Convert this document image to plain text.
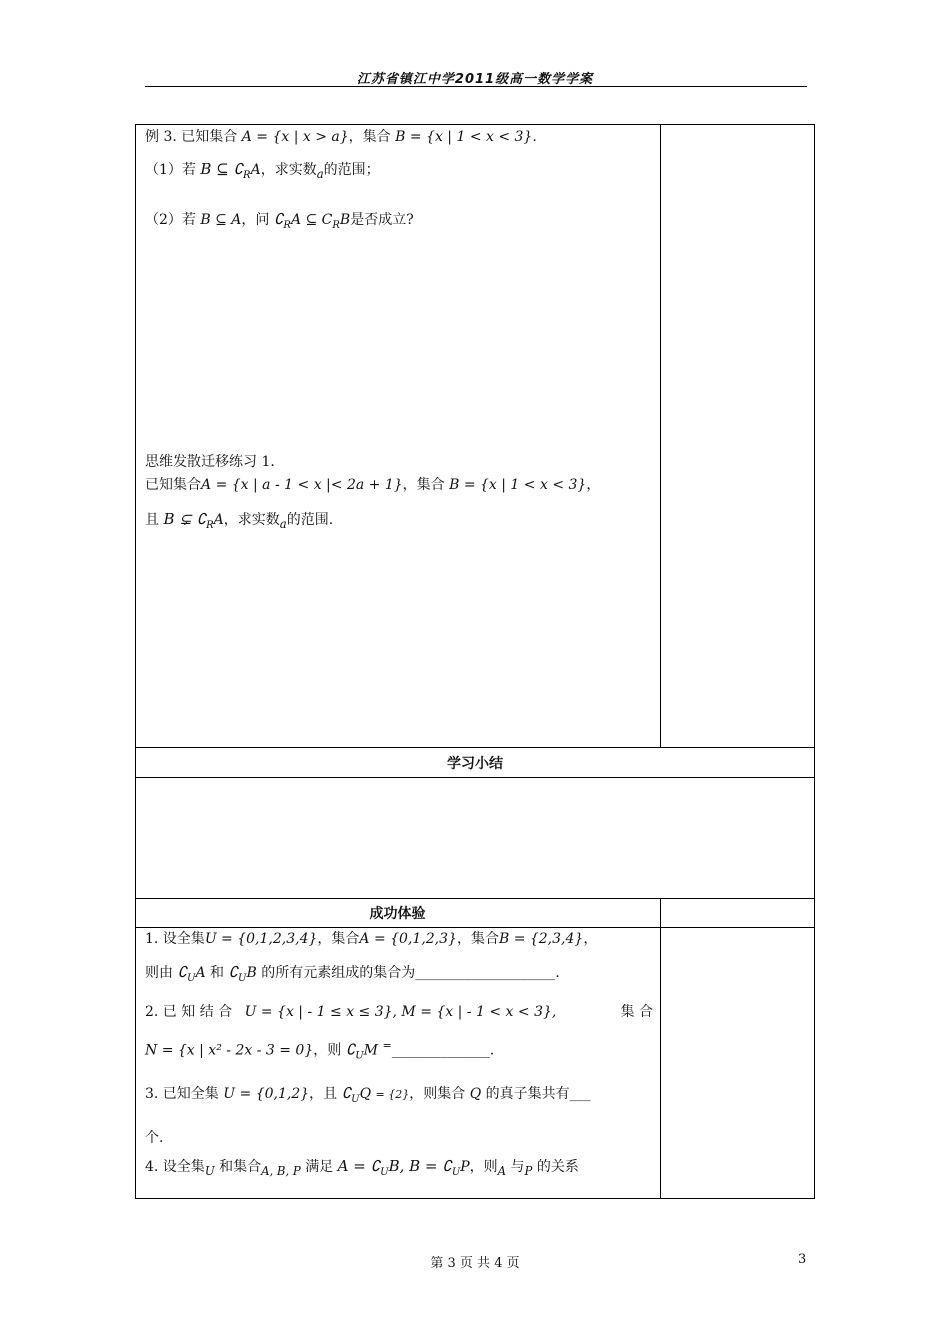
江苏省镇江中学2011级高一数学学案
例 3. 已知集合 A = {x | x > a}，集合 B = {x | 1 < x < 3}.
（1）若 B ⊆ $∁_RA$，求实数$_a$的范围；
（2）若 B ⊆ A，问 $∁_RA$ ⊆ $C_RB$是否成立?
思维发散迁移练习 1.
已知集合A = {x | a - 1 < x |< 2a + 1}，集合 B = {x | 1 < x < 3}，
且 B ⊊ $∁_RA$，求实数$_a$的范围.
学习小结
成功体验
1. 设全集U = {0,1,2,3,4}，集合A = {0,1,2,3}，集合B = {2,3,4}，
则由 $∁_UA$ 和 $∁_UB$ 的所有元素组成的集合为____________________.
2. 已 知 结 合 U = {x | - 1 ≤ x ≤ 3}, M = {x | - 1 < x < 3},	集 合
N = {x | x² - 2x - 3 = 0}，则 $∁_UM$ =______________.
3. 已知全集 U = {0,1,2}，且 $∁_UQ = \{2\}$，则集合 Q 的真子集共有___
个.
4. 设全集$_U$ 和集合$_{A, B, P}$ 满足 $A = ∁_UB$, $B = ∁_UP$，则$_A$ 与$_P$ 的关系
第 3 页 共 4 页	3
